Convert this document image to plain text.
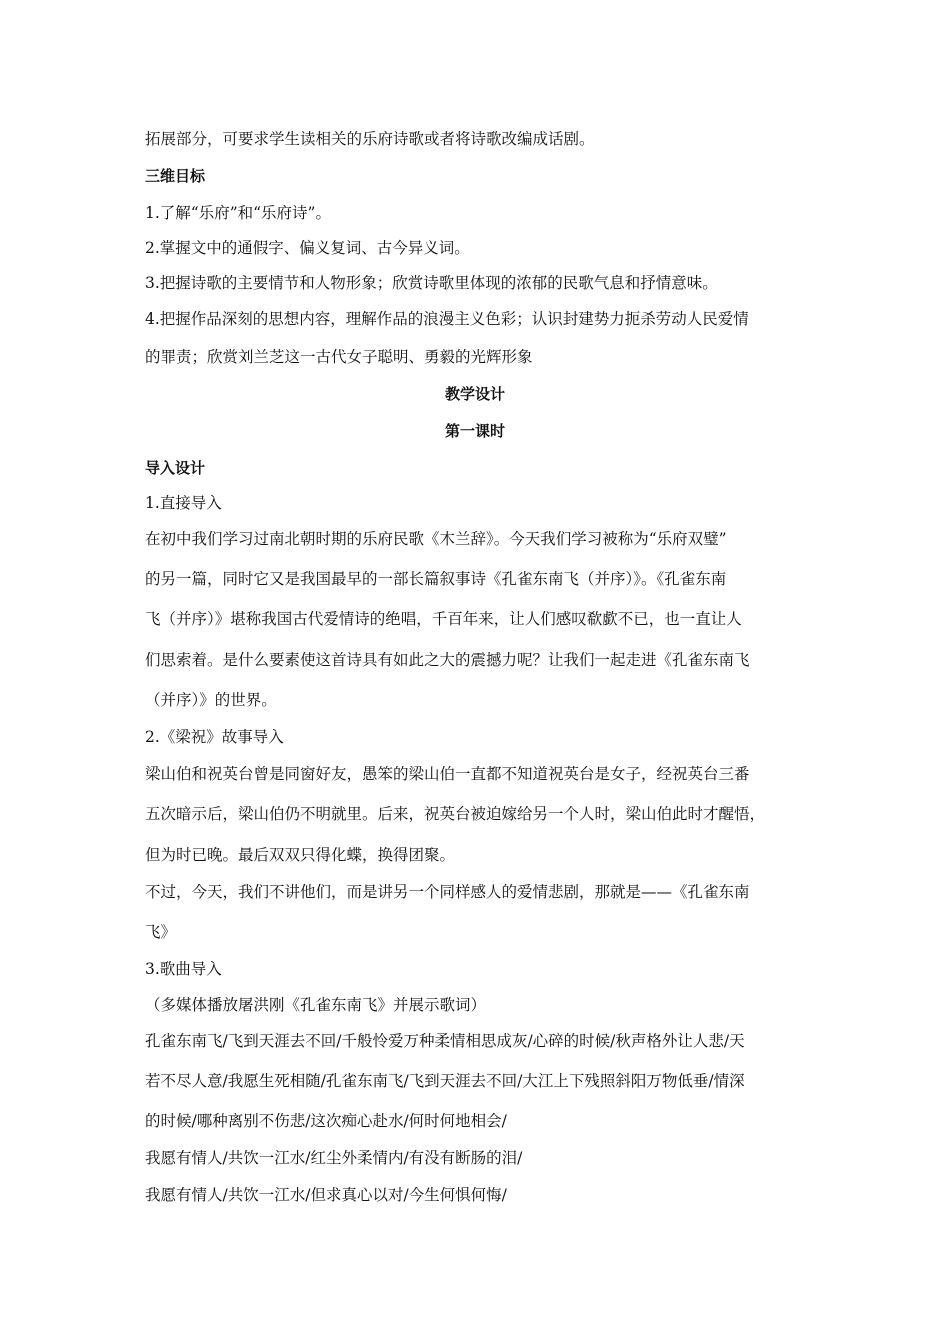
拓展部分，可要求学生读相关的乐府诗歌或者将诗歌改编成话剧。
三维目标
1.了解“乐府”和“乐府诗”。
2.掌握文中的通假字、偏义复词、古今异义词。
3.把握诗歌的主要情节和人物形象；欣赏诗歌里体现的浓郁的民歌气息和抒情意味。
4.把握作品深刻的思想内容，理解作品的浪漫主义色彩；认识封建势力扼杀劳动人民爱情
的罪责；欣赏刘兰芝这一古代女子聪明、勇毅的光辉形象
教学设计
第一课时
导入设计
1.直接导入
在初中我们学习过南北朝时期的乐府民歌《木兰辞》。今天我们学习被称为“乐府双璧”
的另一篇，同时它又是我国最早的一部长篇叙事诗《孔雀东南飞（并序）》。《孔雀东南
飞（并序）》堪称我国古代爱情诗的绝唱，千百年来，让人们感叹欷歔不已，也一直让人
们思索着。是什么要素使这首诗具有如此之大的震撼力呢？让我们一起走进《孔雀东南飞
（并序）》的世界。
2.《梁祝》故事导入
梁山伯和祝英台曾是同窗好友，愚笨的梁山伯一直都不知道祝英台是女子，经祝英台三番
五次暗示后，梁山伯仍不明就里。后来，祝英台被迫嫁给另一个人时，梁山伯此时才醒悟，
但为时已晚。最后双双只得化蝶，换得团聚。
不过，今天，我们不讲他们，而是讲另一个同样感人的爱情悲剧，那就是——《孔雀东南
飞》
3.歌曲导入
（多媒体播放屠洪刚《孔雀东南飞》并展示歌词）
孔雀东南飞/飞到天涯去不回/千般怜爱万种柔情相思成灰/心碎的时候/秋声格外让人悲/天
若不尽人意/我愿生死相随/孔雀东南飞/飞到天涯去不回/大江上下残照斜阳万物低垂/情深
的时候/哪种离别不伤悲/这次痴心赴水/何时何地相会/
我愿有情人/共饮一江水/红尘外柔情内/有没有断肠的泪/
我愿有情人/共饮一江水/但求真心以对/今生何惧何悔/
